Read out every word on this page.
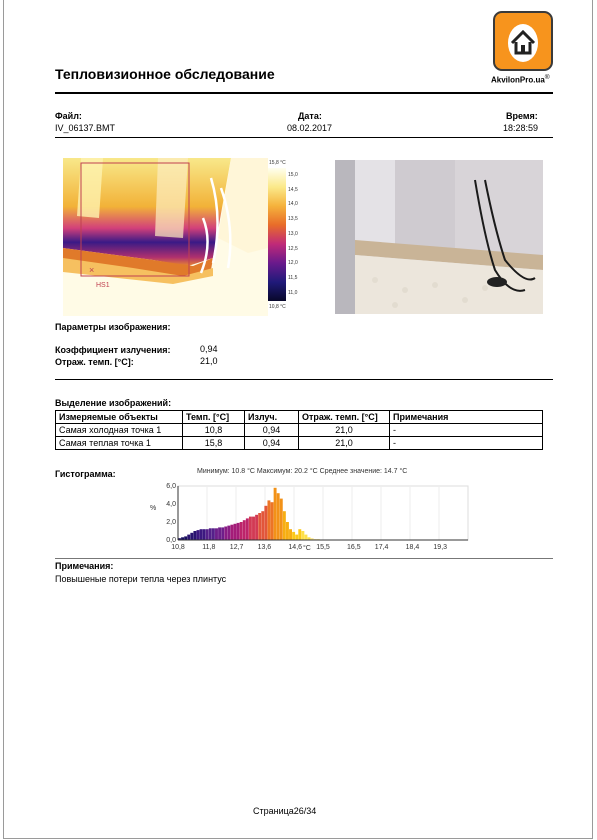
Тепловизионное обследование	AkvilonPro.ua®
Файл:
IV_06137.BMT
Дата:
08.02.2017
Время:
18:28:59
×
HS1
15,8 °C
15,0
14,5
14,0
13,5
13,0
12,5
12,0
11,5
11,0
10,8 °C
Параметры изображения:
Коэффициент излучения:	0,94
Отраж. темп. [°C]:	21,0
Выделение изображений:
Измеряемые объекты	Темп. [°C]	Излуч.	Отраж. темп. [°C]	Примечания
Самая холодная точка 1	10,8	0,94	21,0	-
Самая теплая точка 1	15,8	0,94	21,0	-
Гистограмма:	Минимум: 10.8 °C Максимум: 20.2 °C Среднее значение: 14.7 °C
%
°C
6,0
4,0
2,0
0,0
10,8 11,8 12,7 13,6 14,6 15,5 16,5 17,4 18,4 19,3
Примечания:
Повышеные потери тепла через плинтус
Страница26/34
